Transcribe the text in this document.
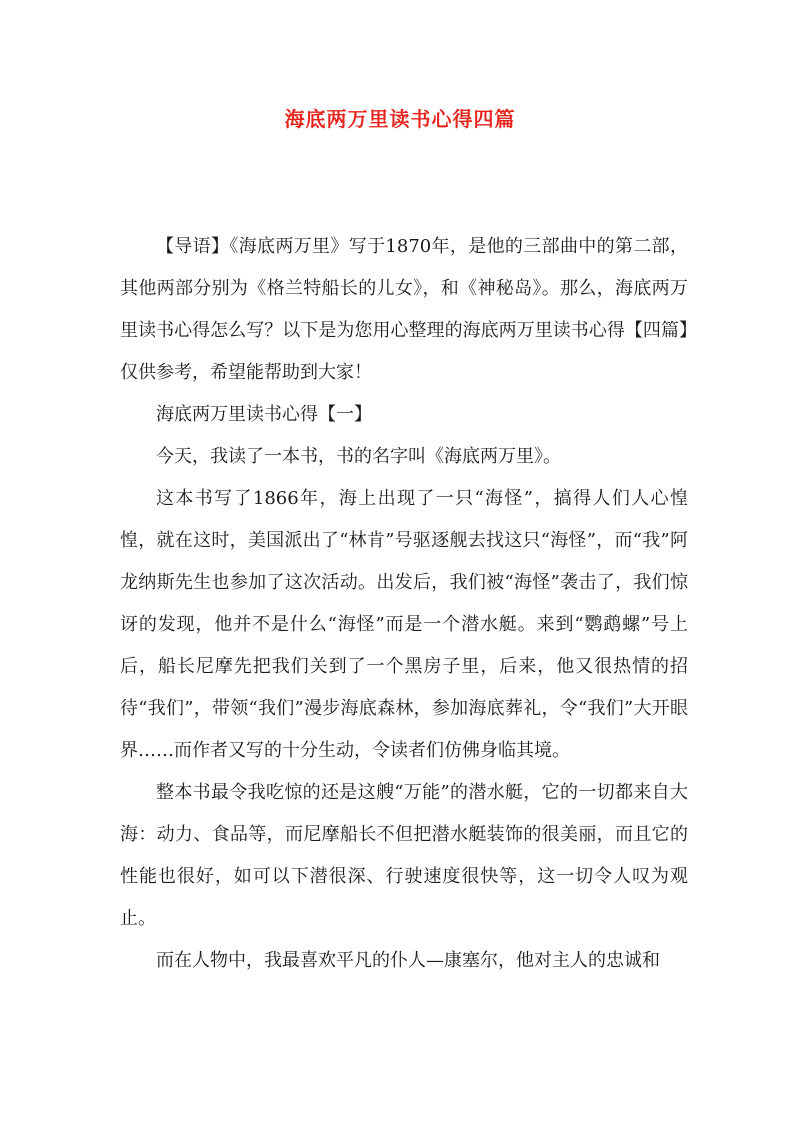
海底两万里读书心得四篇

【导语】《海底两万里》写于1870年，是他的三部曲中的第二部，其他两部分别为《格兰特船长的儿女》，和《神秘岛》。那么，海底两万里读书心得怎么写？以下是为您用心整理的海底两万里读书心得【四篇】仅供参考，希望能帮助到大家！

海底两万里读书心得【一】

今天，我读了一本书，书的名字叫《海底两万里》。

这本书写了1866年，海上出现了一只“海怪”，搞得人们人心惶惶，就在这时，美国派出了“林肯”号驱逐舰去找这只“海怪”，而“我”阿龙纳斯先生也参加了这次活动。出发后，我们被“海怪”袭击了，我们惊讶的发现，他并不是什么“海怪”而是一个潜水艇。来到“鹦鹉螺”号上后，船长尼摩先把我们关到了一个黑房子里，后来，他又很热情的招待“我们”，带领“我们”漫步海底森林，参加海底葬礼，令“我们”大开眼界……而作者又写的十分生动，令读者们仿佛身临其境。

整本书最令我吃惊的还是这艘“万能”的潜水艇，它的一切都来自大海：动力、食品等，而尼摩船长不但把潜水艇装饰的很美丽，而且它的性能也很好，如可以下潜很深、行驶速度很快等，这一切令人叹为观止。

而在人物中，我最喜欢平凡的仆人—康塞尔，他对主人的忠诚和
